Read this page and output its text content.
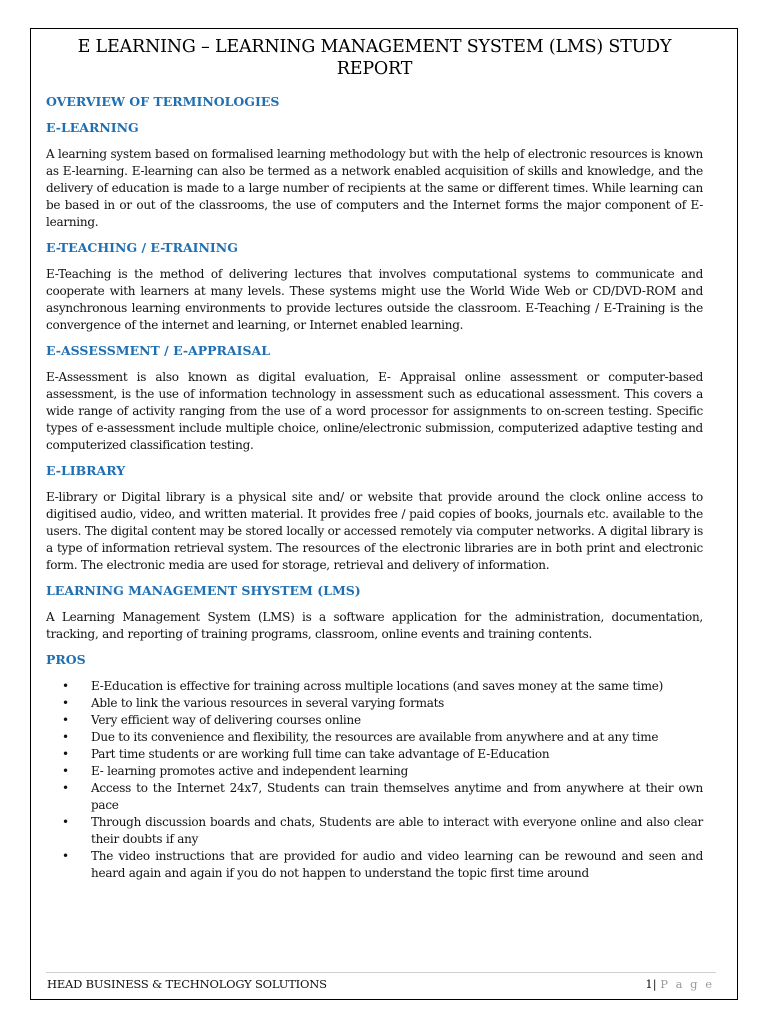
E LEARNING – LEARNING MANAGEMENT SYSTEM (LMS) STUDY REPORT
OVERVIEW OF TERMINOLOGIES
E-LEARNING

A learning system based on formalised learning methodology but with the help of electronic resources is known as E-learning. E-learning can also be termed as a network enabled acquisition of skills and knowledge, and the delivery of education is made to a large number of recipients at the same or different times. While learning can be based in or out of the classrooms, the use of computers and the Internet forms the major component of E-learning.

E-TEACHING / E-TRAINING

E-Teaching is the method of delivering lectures that involves computational systems to communicate and cooperate with learners at many levels. These systems might use the World Wide Web or CD/DVD-ROM and asynchronous learning environments to provide lectures outside the classroom. E-Teaching / E-Training is the convergence of the internet and learning, or Internet enabled learning.

E-ASSESSMENT / E-APPRAISAL

E-Assessment is also known as digital evaluation, E- Appraisal online assessment or computer-based assessment, is the use of information technology in assessment such as educational assessment. This covers a wide range of activity ranging from the use of a word processor for assignments to on-screen testing. Specific types of e-assessment include multiple choice, online/electronic submission, computerized adaptive testing and computerized classification testing.

E-LIBRARY

E-library or Digital library is a physical site and/ or website that provide around the clock online access to digitised audio, video, and written material. It provides free / paid copies of books, journals etc. available to the users. The digital content may be stored locally or accessed remotely via computer networks. A digital library is a type of information retrieval system. The resources of the electronic libraries are in both print and electronic form. The electronic media are used for storage, retrieval and delivery of information.

LEARNING MANAGEMENT SHYSTEM (LMS)

A Learning Management System (LMS) is a software application for the administration, documentation, tracking, and reporting of training programs, classroom, online events and training contents.

PROS
• E-Education is effective for training across multiple locations (and saves money at the same time)
• Able to link the various resources in several varying formats
• Very efficient way of delivering courses online
• Due to its convenience and flexibility, the resources are available from anywhere and at any time
• Part time students or are working full time can take advantage of E-Education
• E- learning promotes active and independent learning
• Access to the Internet 24x7, Students can train themselves anytime and from anywhere at their own pace
• Through discussion boards and chats, Students are able to interact with everyone online and also clear their doubts if any
• The video instructions that are provided for audio and video learning can be rewound and seen and heard again and again if you do not happen to understand the topic first time around
HEAD BUSINESS & TECHNOLOGY SOLUTIONS	1| P a g e
